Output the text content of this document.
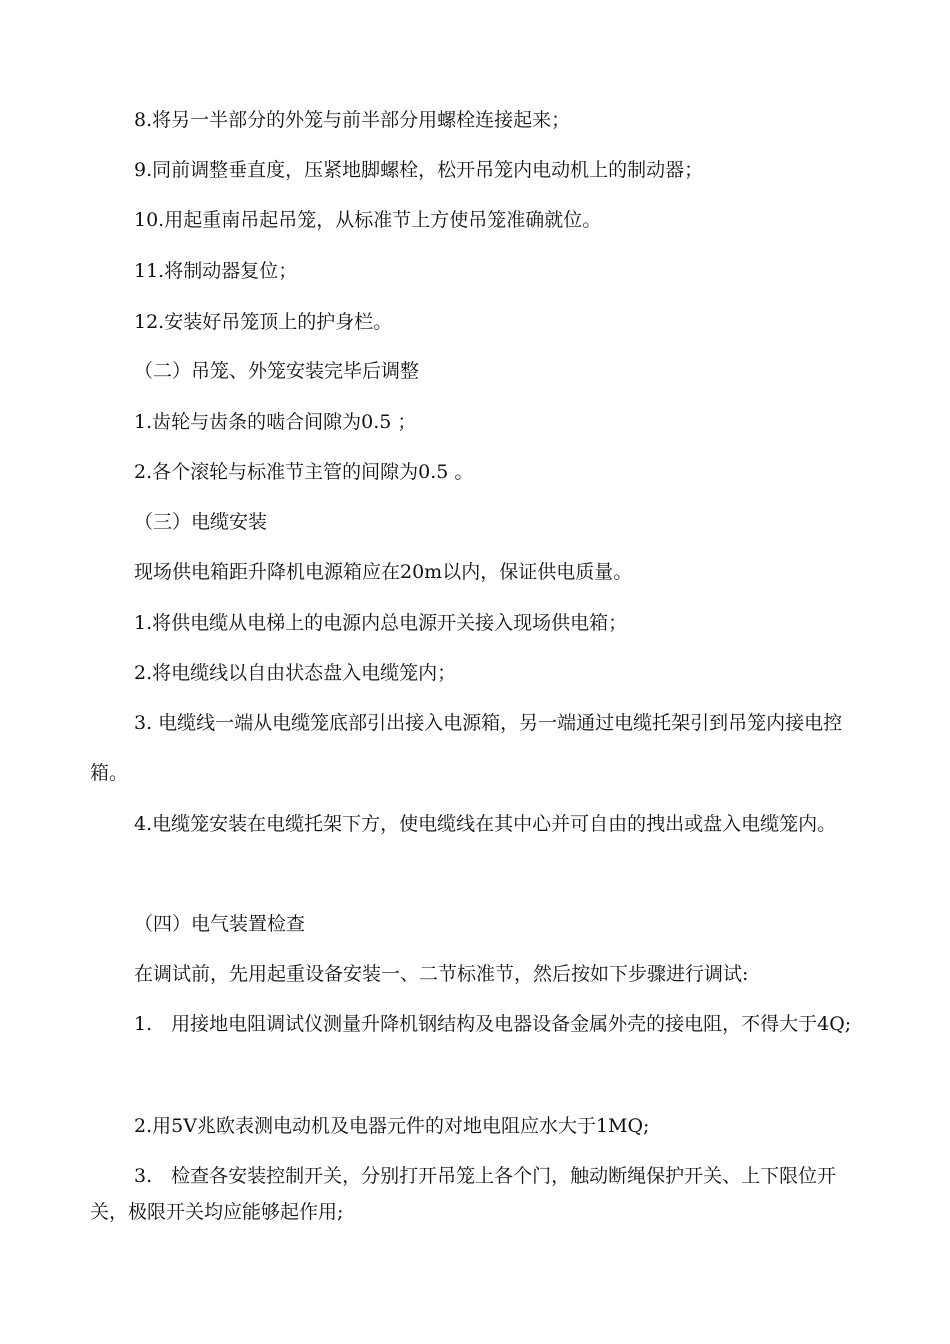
8.将另一半部分的外笼与前半部分用螺栓连接起来；

9.同前调整垂直度，压紧地脚螺栓，松开吊笼内电动机上的制动器；

10.用起重南吊起吊笼，从标准节上方使吊笼准确就位。

11.将制动器复位；

12.安装好吊笼顶上的护身栏。

（二）吊笼、外笼安装完毕后调整

1.齿轮与齿条的啮合间隙为0.5 ；

2.各个滚轮与标准节主管的间隙为0.5 。

（三）电缆安装

现场供电箱距升降机电源箱应在20m以内，保证供电质量。

1.将供电缆从电梯上的电源内总电源开关接入现场供电箱；

2.将电缆线以自由状态盘入电缆笼内；

3. 电缆线一端从电缆笼底部引出接入电源箱，另一端通过电缆托架引到吊笼内接电控箱。

4.电缆笼安装在电缆托架下方，使电缆线在其中心并可自由的拽出或盘入电缆笼内。

（四）电气装置检查

在调试前，先用起重设备安装一、二节标准节，然后按如下步骤进行调试:

1.　用接地电阻调试仪测量升降机钢结构及电器设备金属外壳的接电阻，不得大于4Q;

2.用5V兆欧表测电动机及电器元件的对地电阻应水大于1MQ;

3.　检查各安装控制开关，分别打开吊笼上各个门，触动断绳保护开关、上下限位开关，极限开关均应能够起作用;
